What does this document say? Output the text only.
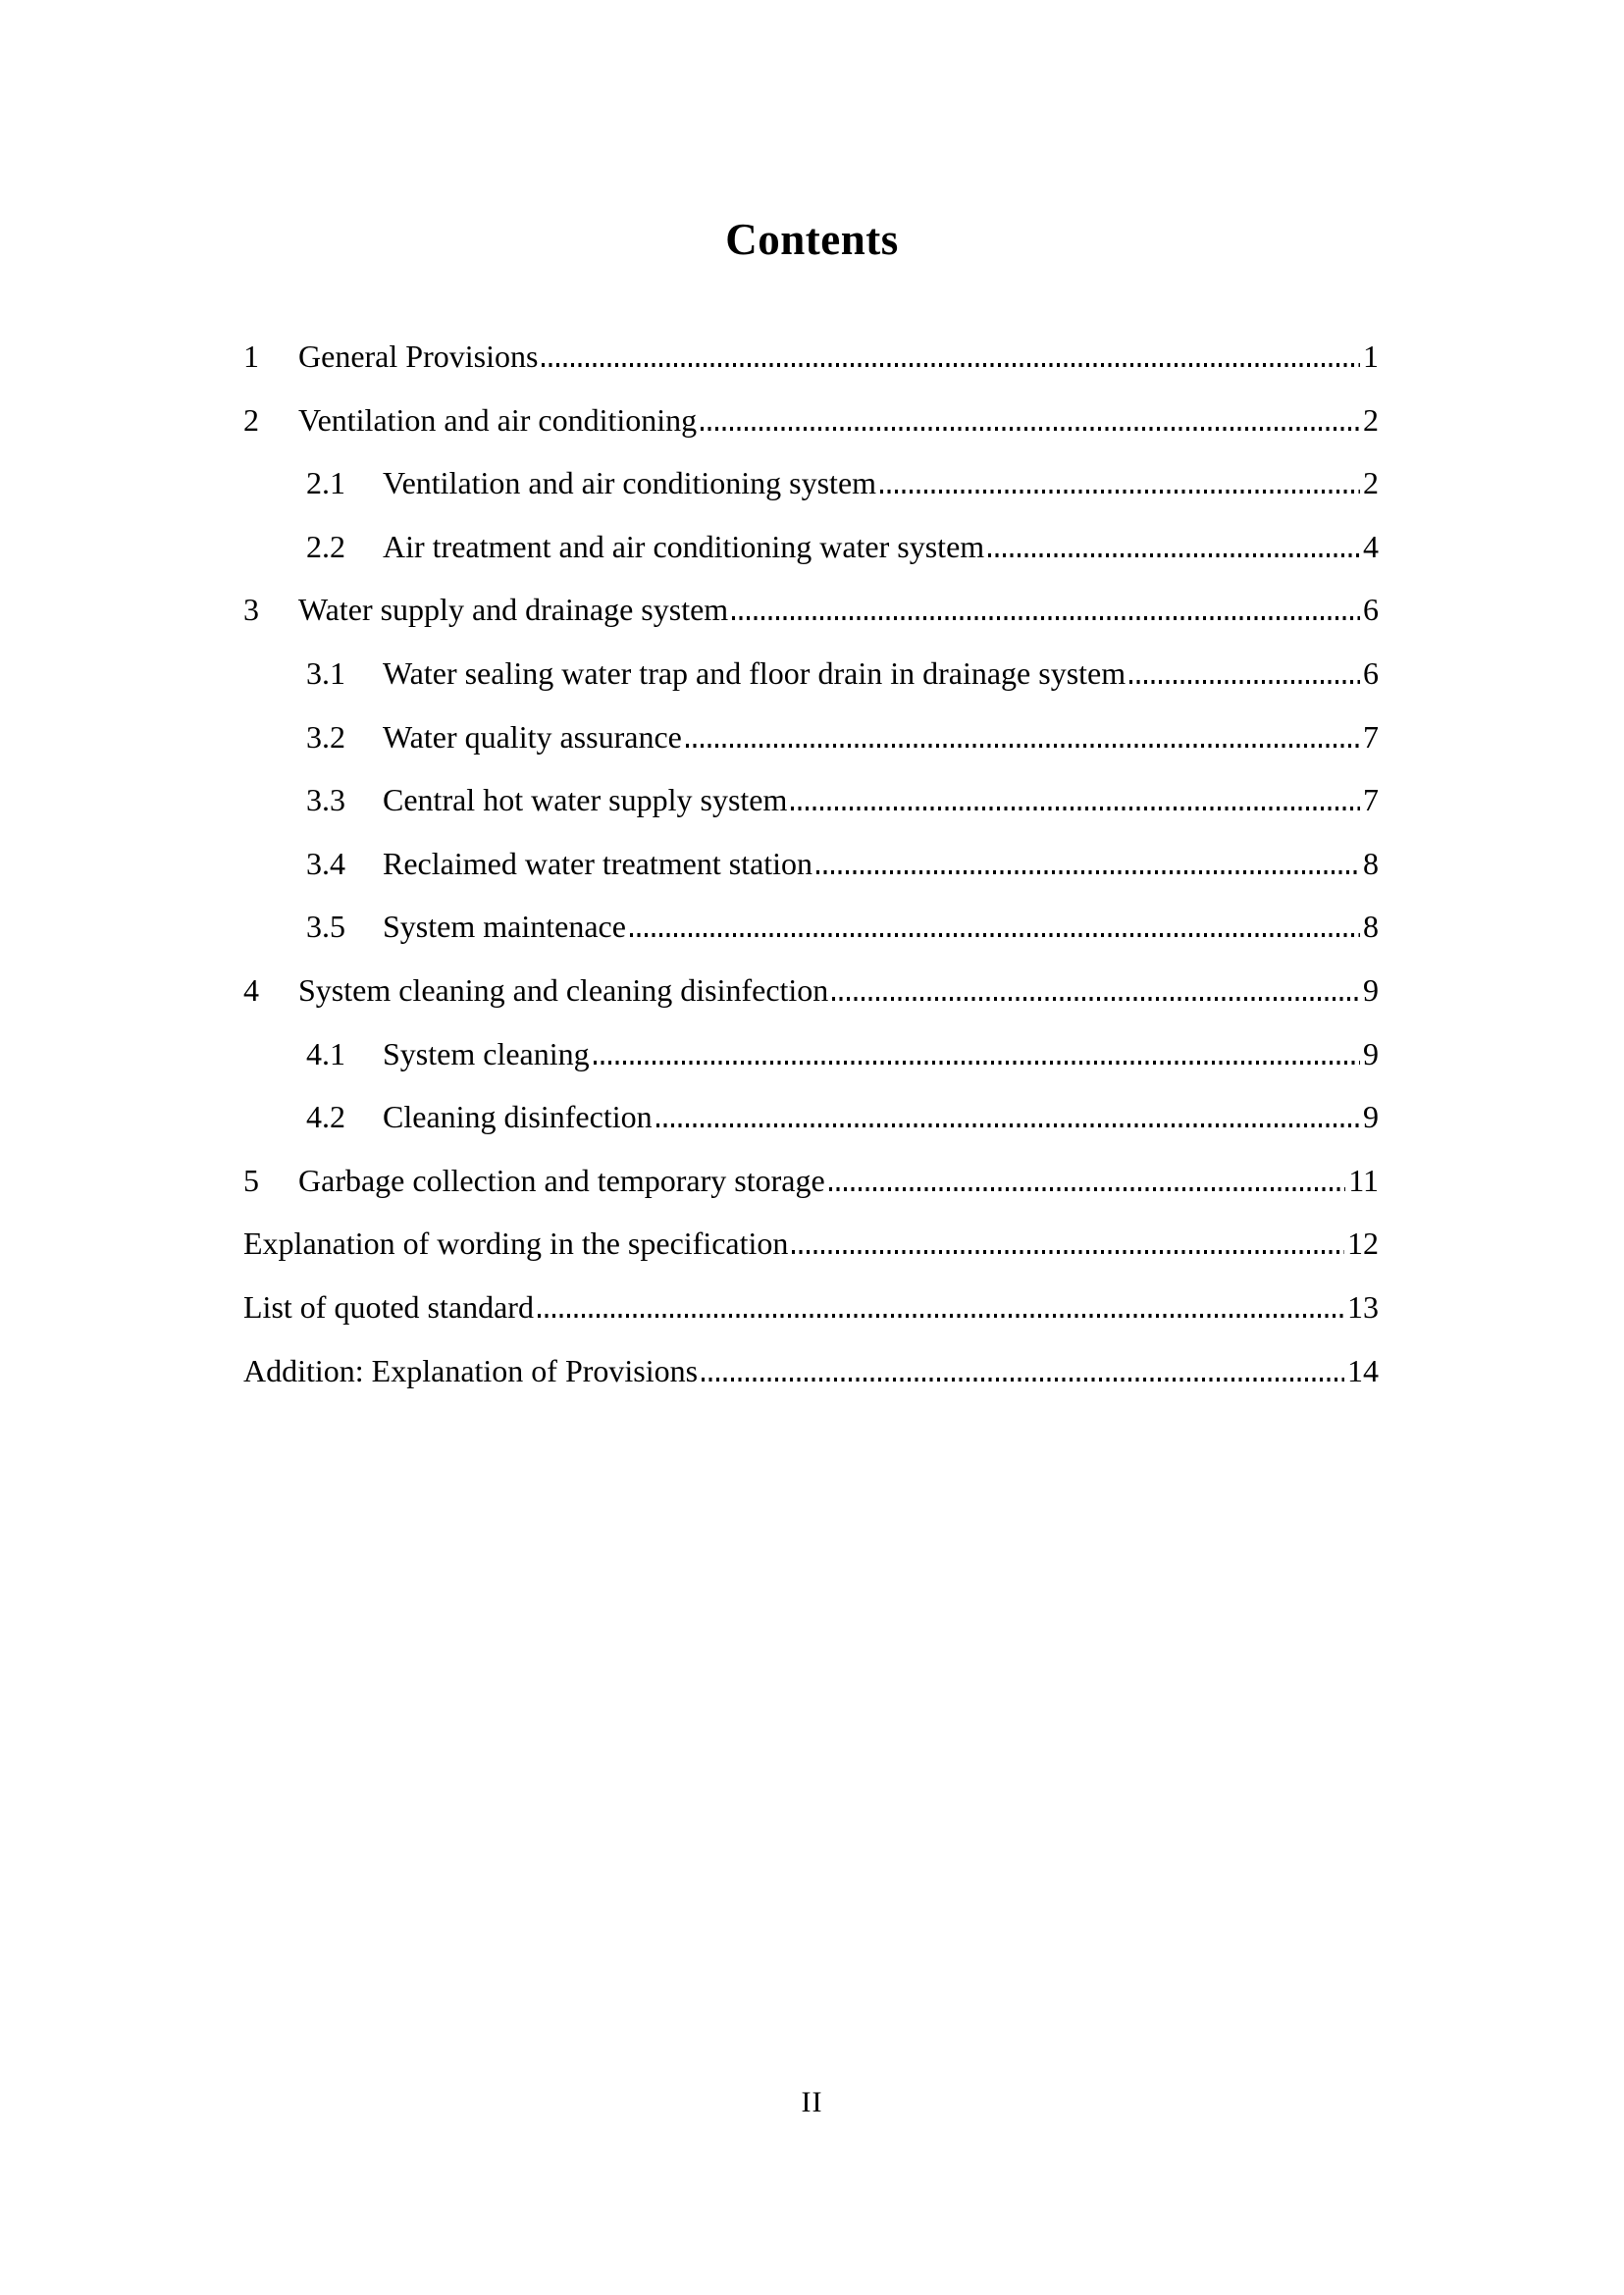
Contents
1	General Provisions	1
2	Ventilation and air conditioning	2
2.1	Ventilation and air conditioning system	2
2.2	Air treatment and air conditioning water system	4
3	Water supply and drainage system	6
3.1	Water sealing water trap and floor drain in drainage system	6
3.2	Water quality assurance	7
3.3	Central hot water supply system	7
3.4	Reclaimed water treatment station	8
3.5	System maintenace	8
4	System cleaning and cleaning disinfection	9
4.1	System cleaning	9
4.2	Cleaning disinfection	9
5	Garbage collection and temporary storage	11
Explanation of wording in the specification	12
List of quoted standard	13
Addition: Explanation of Provisions	14
II
